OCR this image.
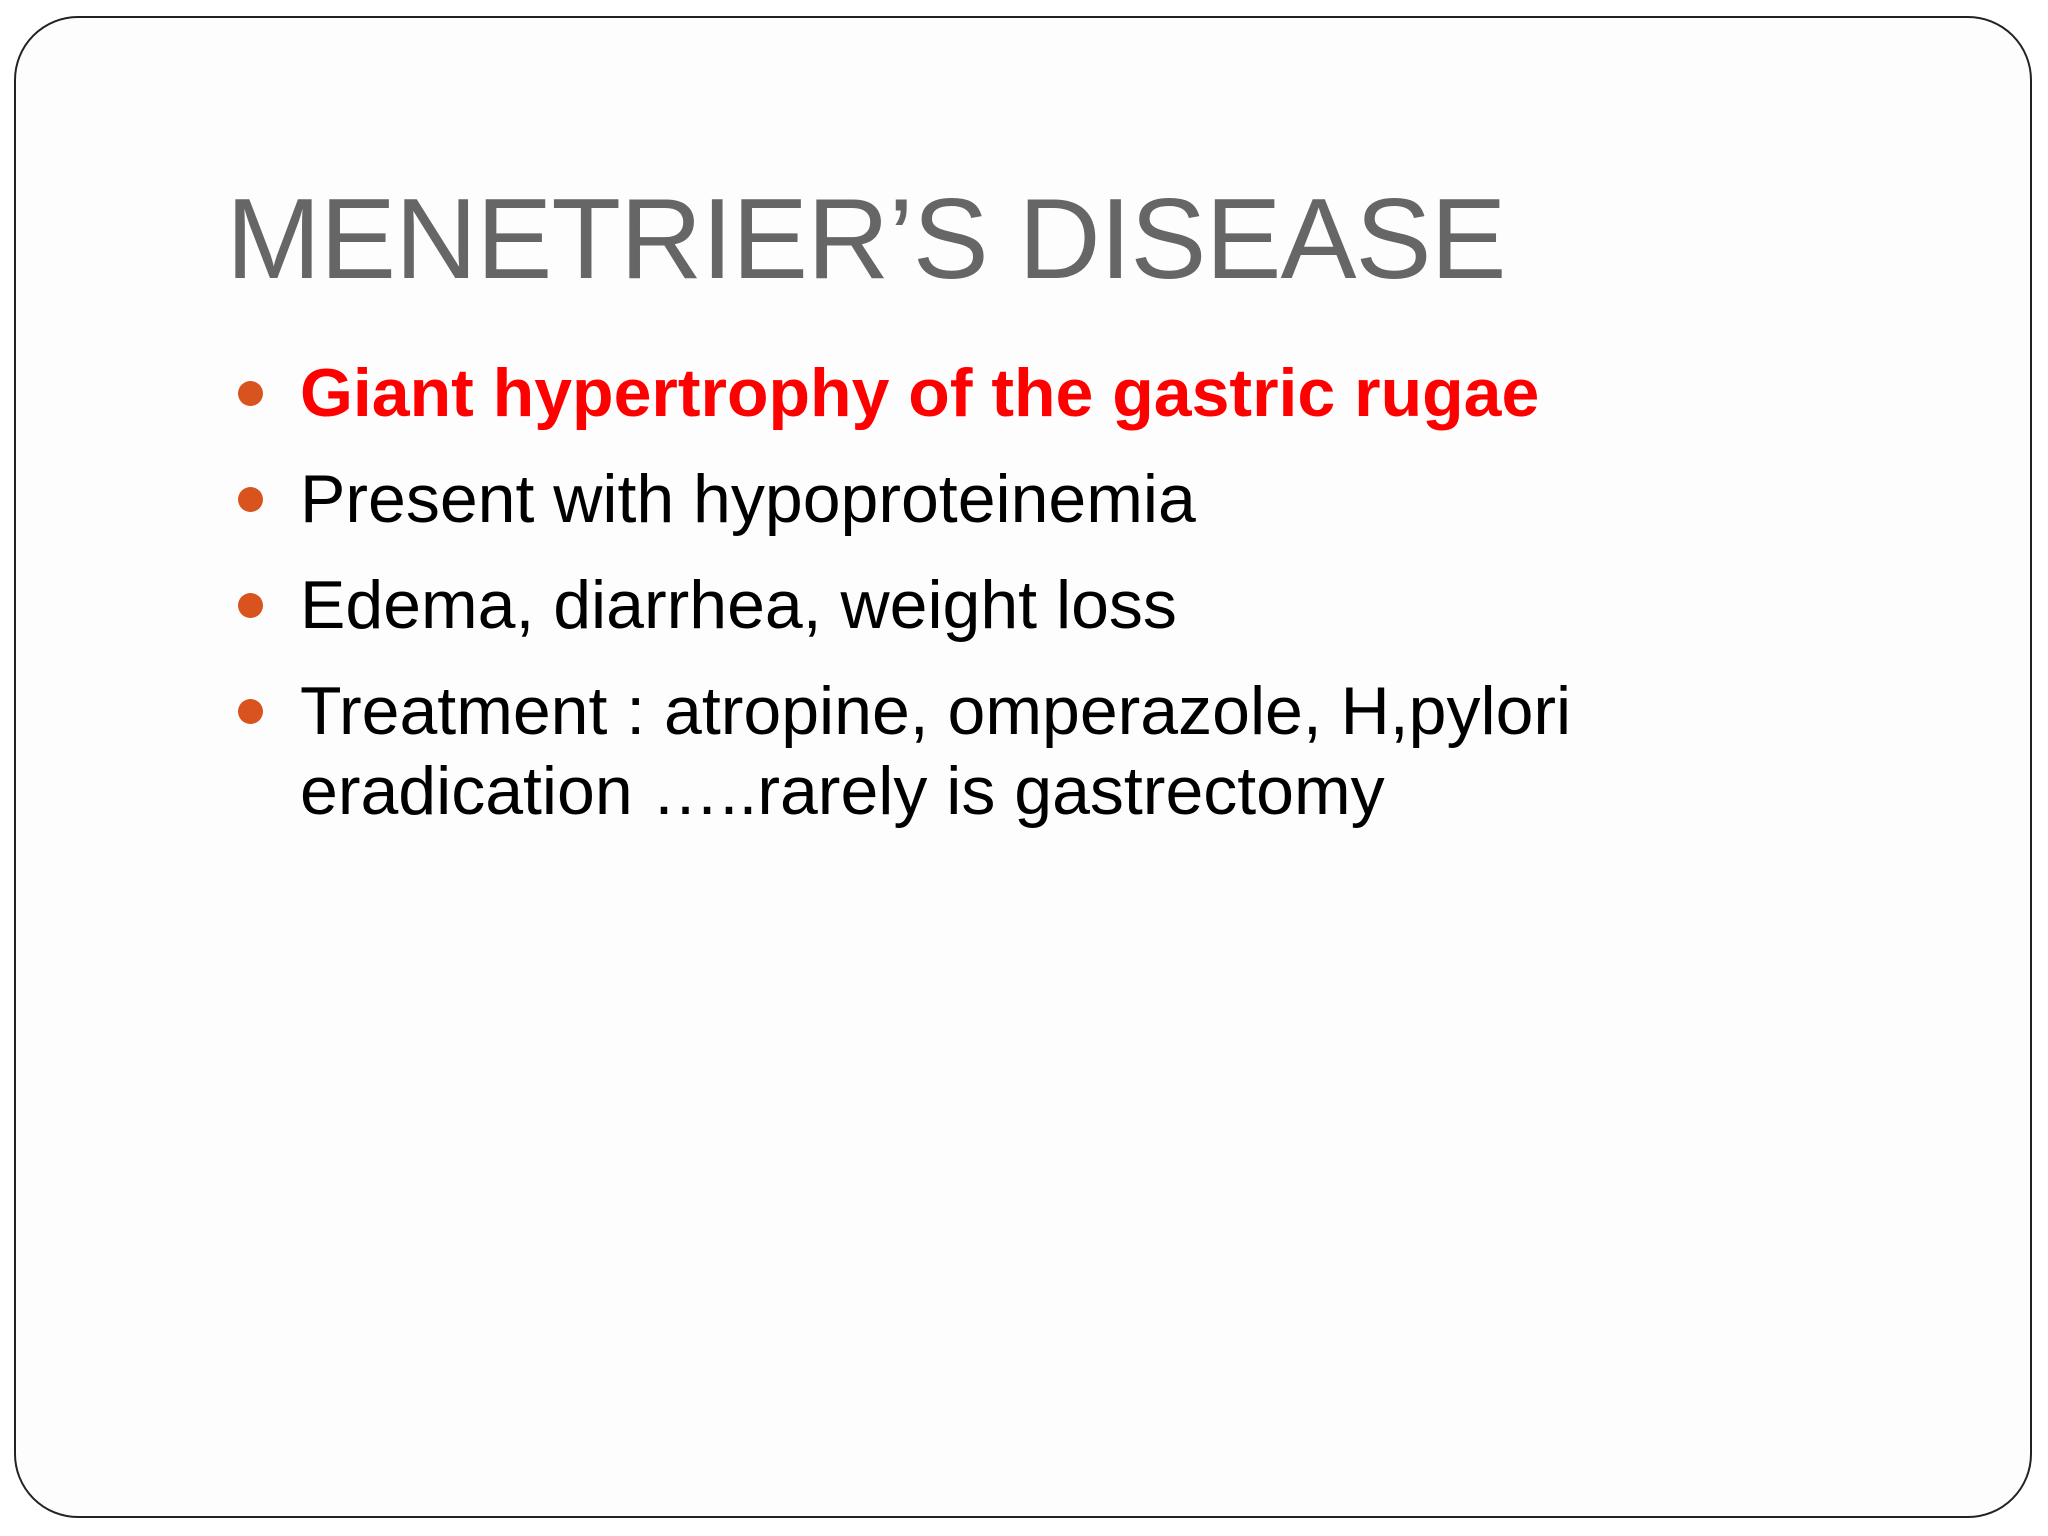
MENETRIER’S DISEASE
Giant hypertrophy of the gastric rugae
Present with hypoproteinemia
Edema, diarrhea, weight loss
Treatment : atropine, omperazole, H,pylori eradication …..rarely is gastrectomy
